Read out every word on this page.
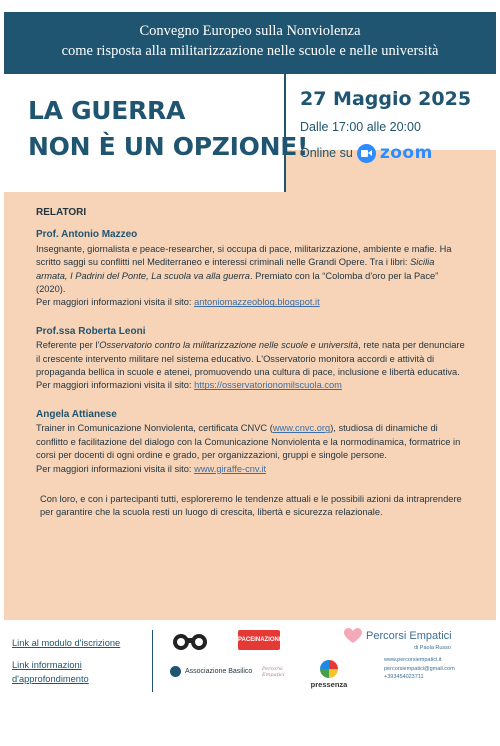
Convegno Europeo sulla Nonviolenza
come risposta alla militarizzazione nelle scuole e nelle università
LA GUERRA
NON È UN OPZIONE!
27 Maggio 2025
Dalle 17:00 alle 20:00
Online su zoom
RELATORI
Prof. Antonio Mazzeo

Insegnante, giornalista e peace-researcher, si occupa di pace, militarizzazione, ambiente e mafie. Ha scritto saggi su conflitti nel Mediterraneo e interessi criminali nelle Grandi Opere. Tra i libri: Sicilia armata, I Padrini del Ponte, La scuola va alla guerra. Premiato con la “Colomba d'oro per la Pace” (2020).

Per maggiori informazioni visita il sito: antoniomazzeoblog.blogspot.it

Prof.ssa Roberta Leoni

Referente per l'Osservatorio contro la militarizzazione nelle scuole e università, rete nata per denunciare il crescente intervento militare nel sistema educativo. L'Osservatorio monitora accordi e attività di propaganda bellica in scuole e atenei, promuovendo una cultura di pace, inclusione e libertà educativa.

Per maggiori informazioni visita il sito: https://osservatorionomilscuola.com

Angela Attianese

Trainer in Comunicazione Nonviolenta, certificata CNVC (www.cnvc.org), studiosa di dinamiche di conflitto e facilitazione del dialogo con la Comunicazione Nonviolenta e la normodinamica, formatrice in corsi per docenti di ogni ordine e grado, per organizzazioni, gruppi e singole persone.

Per maggiori informazioni visita il sito: www.giraffe-cnv.it

Con loro, e con i partecipanti tutti, esploreremo le tendenze attuali e le possibili azioni da intraprendere per garantire che la scuola resti un luogo di crescita, libertà e sicurezza relazionale.

Link al modulo d'iscrizione
Link informazioni
d'approfondimento
PACEINAZIONE
Associazione Basilico Percorsi Empatici
pressenza
Percorsi Empatici
di Paola Russo
www.percorsiempatici.it
percorsiempatici@gmail.com
+393454023711
